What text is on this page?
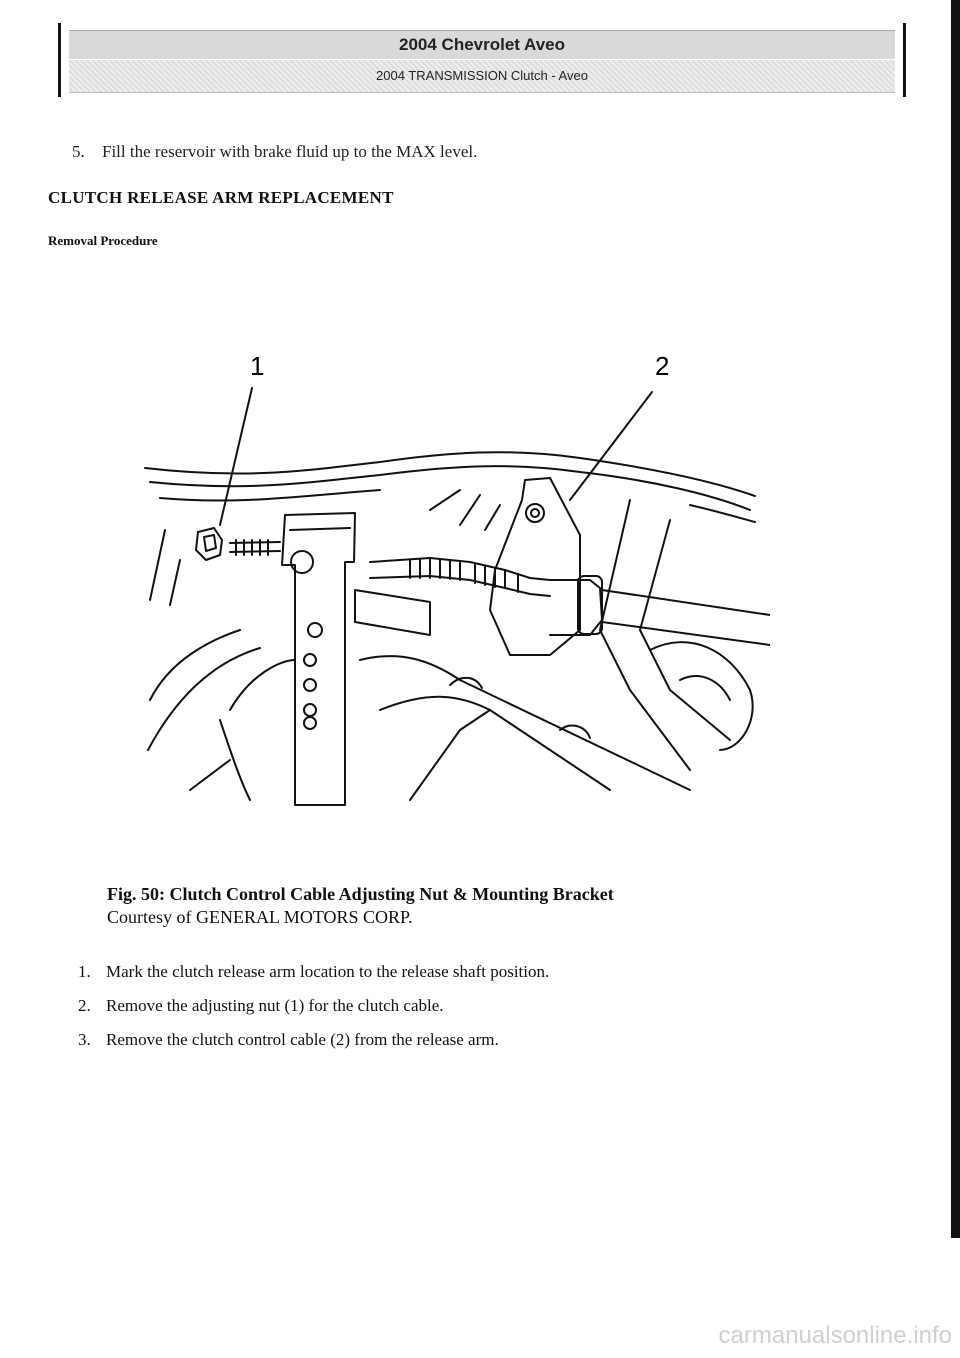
2004 Chevrolet Aveo
2004 TRANSMISSION Clutch - Aveo
5. Fill the reservoir with brake fluid up to the MAX level.
CLUTCH RELEASE ARM REPLACEMENT
Removal Procedure
1	2
Fig. 50: Clutch Control Cable Adjusting Nut & Mounting Bracket
Courtesy of GENERAL MOTORS CORP.
1. Mark the clutch release arm location to the release shaft position.
2. Remove the adjusting nut (1) for the clutch cable.
3. Remove the clutch control cable (2) from the release arm.
carmanualsonline.info
